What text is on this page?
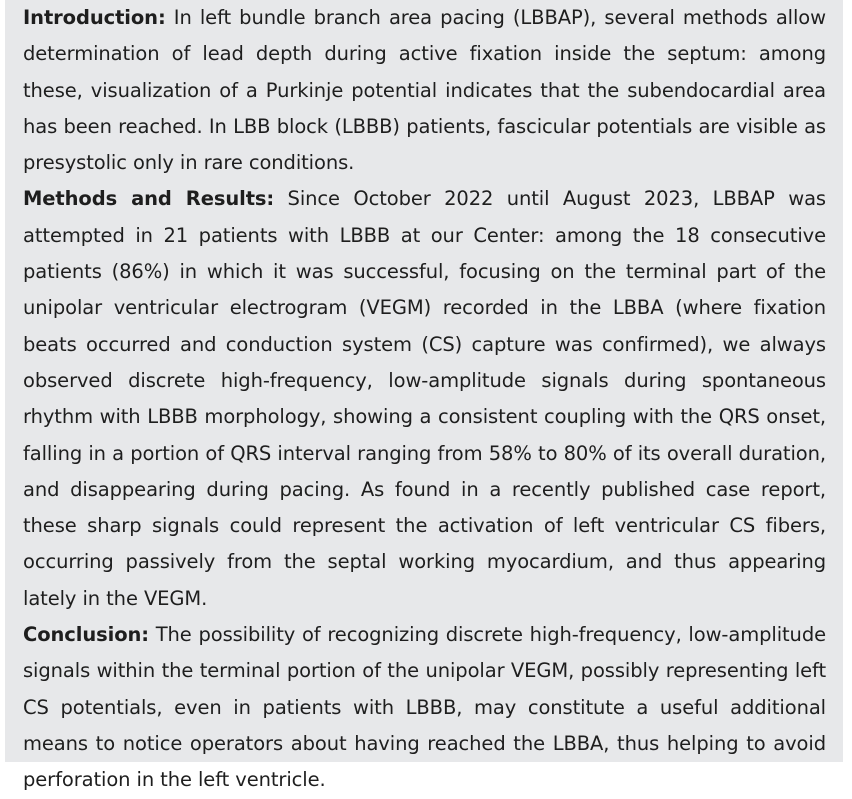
Introduction: In left bundle branch area pacing (LBBAP), several methods allow determination of lead depth during active fixation inside the septum: among these, visualization of a Purkinje potential indicates that the subendocardial area has been reached. In LBB block (LBBB) patients, fascicular potentials are visible as presystolic only in rare conditions.

Methods and Results: Since October 2022 until August 2023, LBBAP was attempted in 21 patients with LBBB at our Center: among the 18 consecutive patients (86%) in which it was successful, focusing on the terminal part of the unipolar ventricular electrogram (VEGM) recorded in the LBBA (where fixation beats occurred and conduction system (CS) capture was confirmed), we always observed discrete high-frequency, low-amplitude signals during spontaneous rhythm with LBBB morphology, showing a consistent coupling with the QRS onset, falling in a portion of QRS interval ranging from 58% to 80% of its overall duration, and disappearing during pacing. As found in a recently published case report, these sharp signals could represent the activation of left ventricular CS fibers, occurring passively from the septal working myocardium, and thus appearing lately in the VEGM.

Conclusion: The possibility of recognizing discrete high-frequency, low-amplitude signals within the terminal portion of the unipolar VEGM, possibly representing left CS potentials, even in patients with LBBB, may constitute a useful additional means to notice operators about having reached the LBBA, thus helping to avoid perforation in the left ventricle.
